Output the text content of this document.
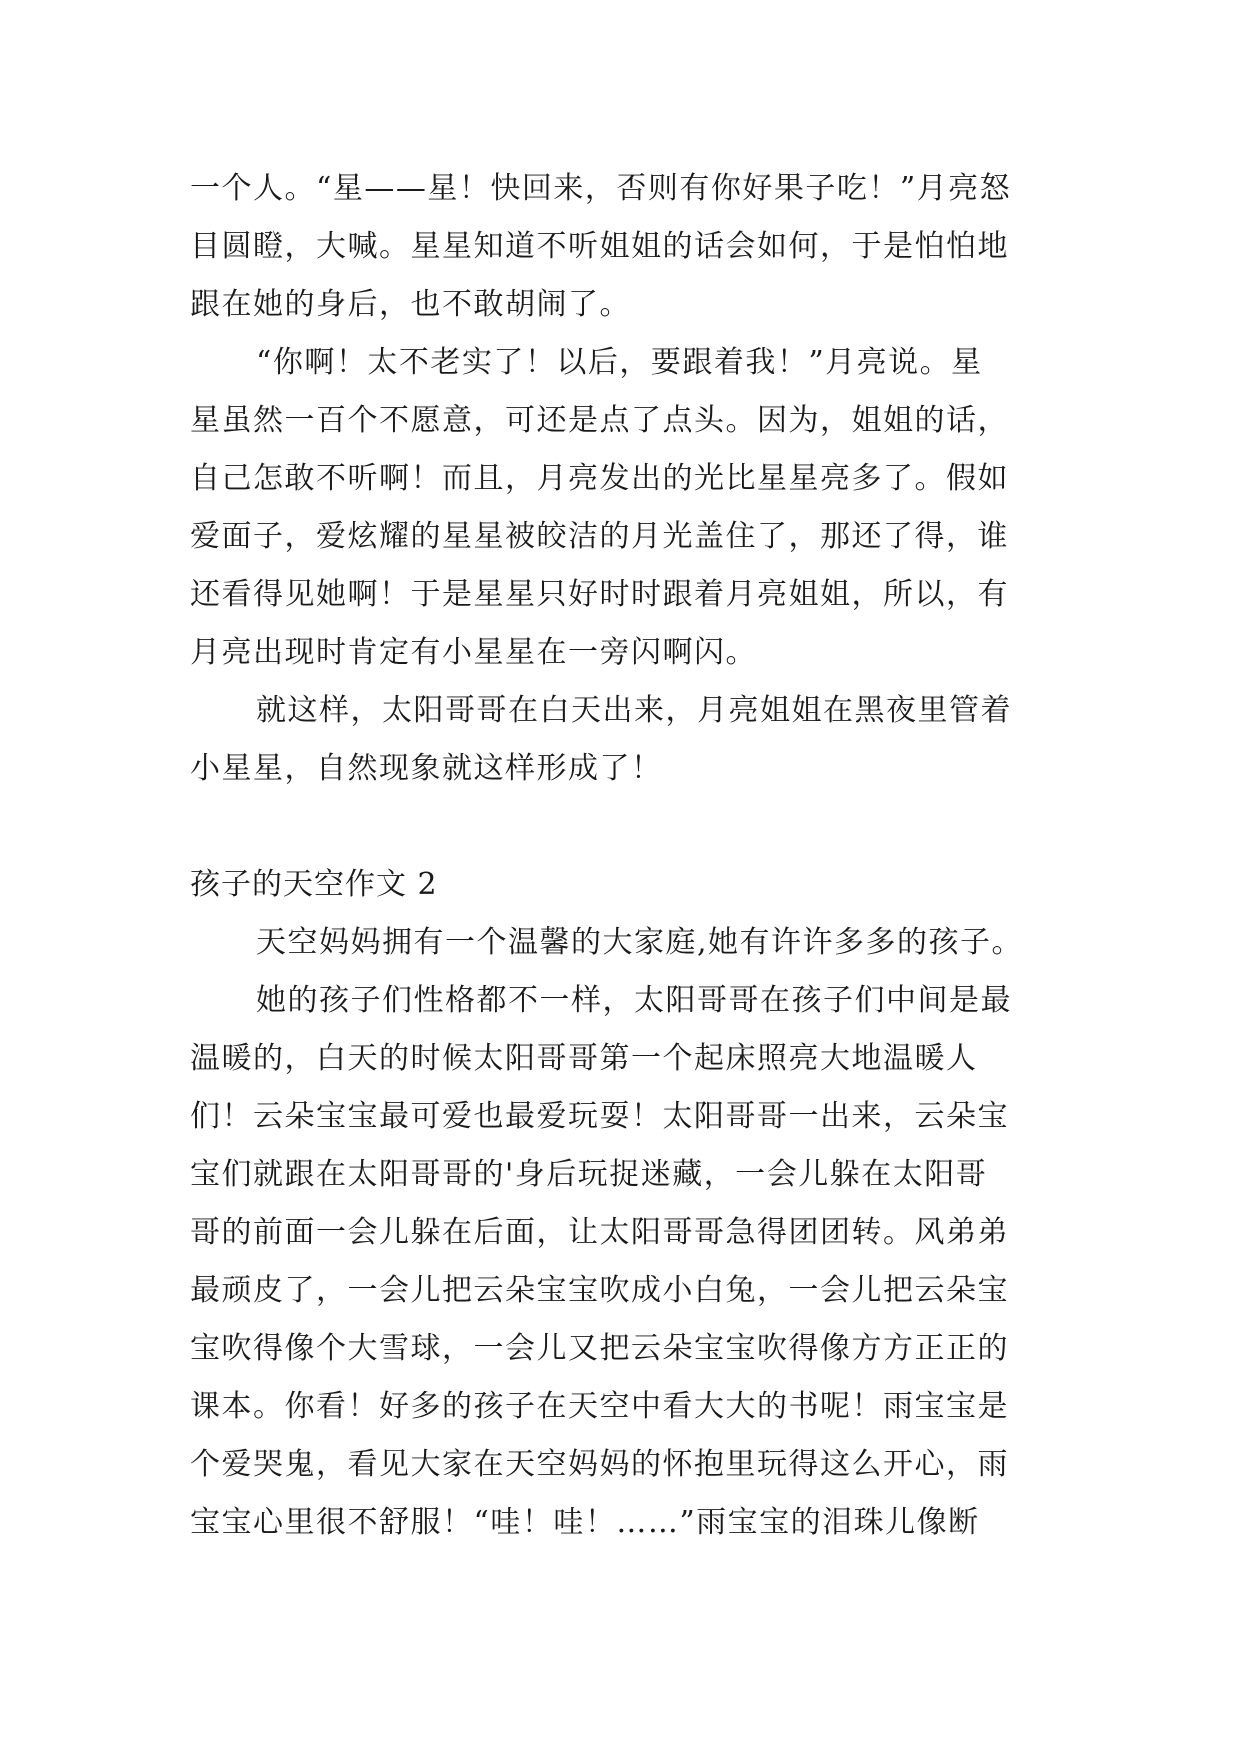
一个人。“星——星！快回来，否则有你好果子吃！”月亮怒
目圆瞪，大喊。星星知道不听姐姐的话会如何，于是怕怕地
跟在她的身后，也不敢胡闹了。
“你啊！太不老实了！以后，要跟着我！”月亮说。星
星虽然一百个不愿意，可还是点了点头。因为，姐姐的话，
自己怎敢不听啊！而且，月亮发出的光比星星亮多了。假如
爱面子，爱炫耀的星星被皎洁的月光盖住了，那还了得，谁
还看得见她啊！于是星星只好时时跟着月亮姐姐，所以，有
月亮出现时肯定有小星星在一旁闪啊闪。
就这样，太阳哥哥在白天出来，月亮姐姐在黑夜里管着
小星星，自然现象就这样形成了！
孩子的天空作文 2
天空妈妈拥有一个温馨的大家庭,她有许许多多的孩子。
她的孩子们性格都不一样，太阳哥哥在孩子们中间是最
温暖的，白天的时候太阳哥哥第一个起床照亮大地温暖人
们！云朵宝宝最可爱也最爱玩耍！太阳哥哥一出来，云朵宝
宝们就跟在太阳哥哥的'身后玩捉迷藏，一会儿躲在太阳哥
哥的前面一会儿躲在后面，让太阳哥哥急得团团转。风弟弟
最顽皮了，一会儿把云朵宝宝吹成小白兔，一会儿把云朵宝
宝吹得像个大雪球，一会儿又把云朵宝宝吹得像方方正正的
课本。你看！好多的孩子在天空中看大大的书呢！雨宝宝是
个爱哭鬼，看见大家在天空妈妈的怀抱里玩得这么开心，雨
宝宝心里很不舒服！“哇！哇！……”雨宝宝的泪珠儿像断
